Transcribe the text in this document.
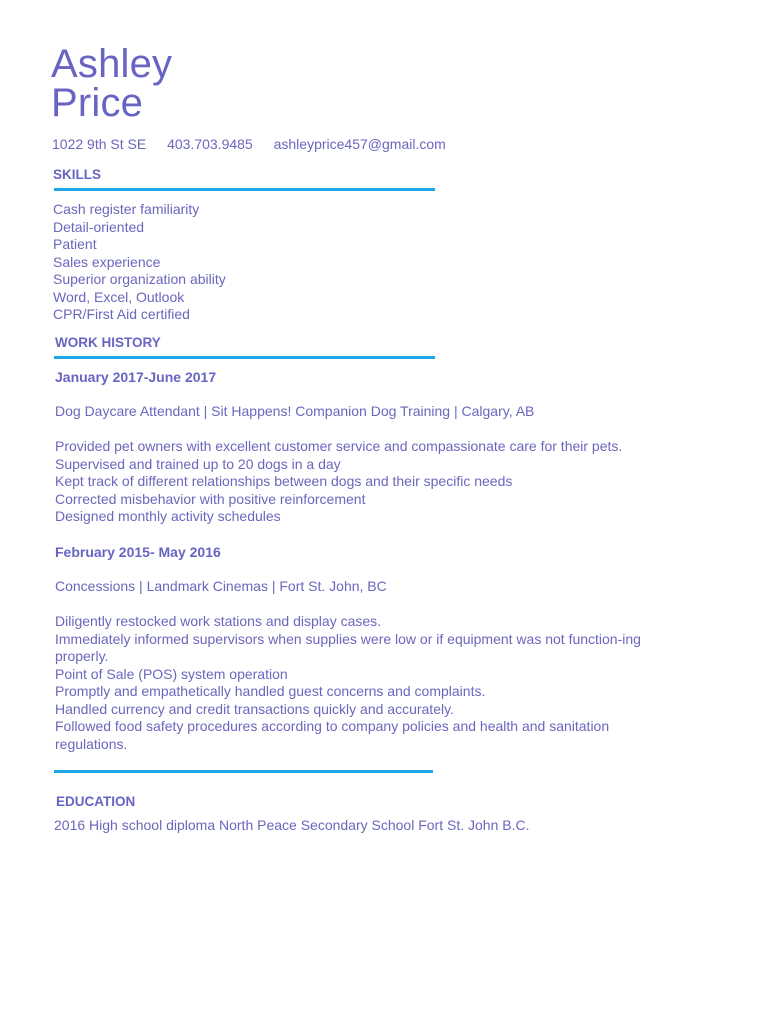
Ashley
Price
1022 9th St SE 403.703.9485 ashleyprice457@gmail.com
SKILLS
Cash register familiarity
Detail-oriented
Patient
Sales experience
Superior organization ability
Word, Excel, Outlook
CPR/First Aid certified
WORK HISTORY
January 2017-June 2017
Dog Daycare Attendant | Sit Happens! Companion Dog Training | Calgary, AB
Provided pet owners with excellent customer service and compassionate care for their pets.
Supervised and trained up to 20 dogs in a day
Kept track of different relationships between dogs and their specific needs
Corrected misbehavior with positive reinforcement
Designed monthly activity schedules
February 2015- May 2016
Concessions | Landmark Cinemas | Fort St. John, BC
Diligently restocked work stations and display cases.
Immediately informed supervisors when supplies were low or if equipment was not function-ing properly.
Point of Sale (POS) system operation
Promptly and empathetically handled guest concerns and complaints.
Handled currency and credit transactions quickly and accurately.
Followed food safety procedures according to company policies and health and sanitation regulations.
EDUCATION
2016 High school diploma North Peace Secondary School Fort St. John B.C.
